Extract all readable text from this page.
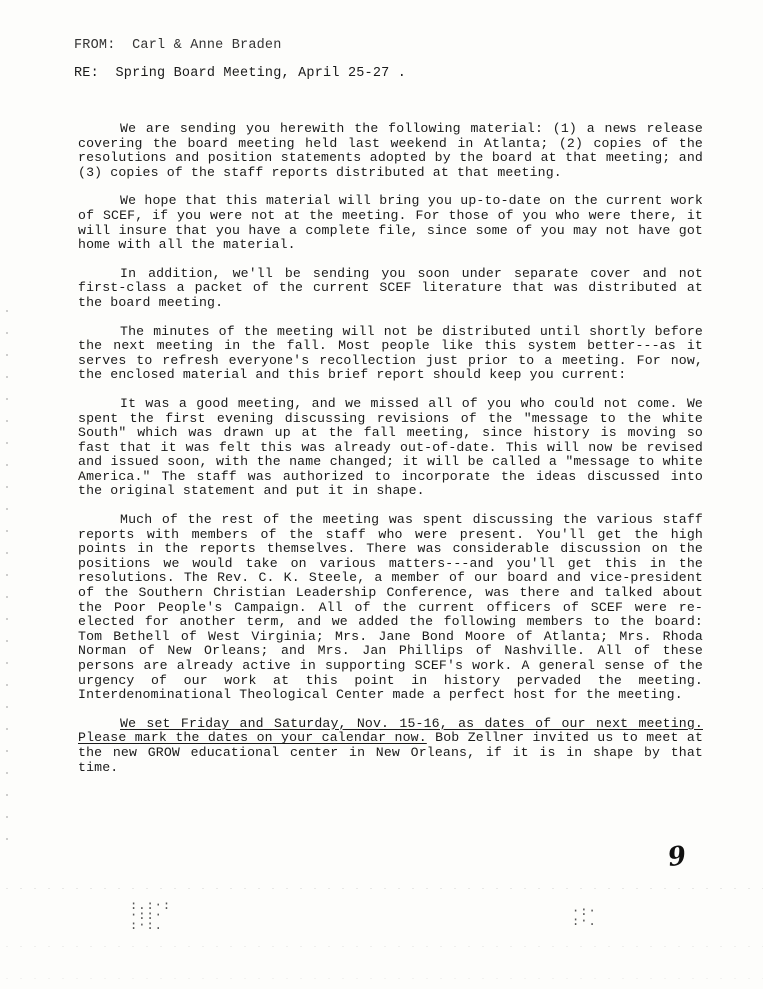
FROM:  Carl & Anne Braden
RE:  Spring Board Meeting, April 25-27 .

We are sending you herewith the following material: (1) a news release covering the board meeting held last weekend in Atlanta; (2) copies of the resolutions and position statements adopted by the board at that meeting; and (3) copies of the staff reports distributed at that meeting.

We hope that this material will bring you up-to-date on the current work of SCEF, if you were not at the meeting. For those of you who were there, it will insure that you have a complete file, since some of you may not have got home with all the material.

In addition, we'll be sending you soon under separate cover and not first-class a packet of the current SCEF literature that was distributed at the board meeting.

The minutes of the meeting will not be distributed until shortly before the next meeting in the fall. Most people like this system better---as it serves to refresh everyone's recollection just prior to a meeting. For now, the enclosed material and this brief report should keep you current:

It was a good meeting, and we missed all of you who could not come. We spent the first evening discussing revisions of the "message to the white South" which was drawn up at the fall meeting, since history is moving so fast that it was felt this was already out-of-date. This will now be revised and issued soon, with the name changed; it will be called a "message to white America." The staff was authorized to incorporate the ideas discussed into the original statement and put it in shape.

Much of the rest of the meeting was spent discussing the various staff reports with members of the staff who were present. You'll get the high points in the reports themselves. There was considerable discussion on the positions we would take on various matters---and you'll get this in the resolutions. The Rev. C. K. Steele, a member of our board and vice-president of the Southern Christian Leadership Conference, was there and talked about the Poor People's Campaign. All of the current officers of SCEF were re-elected for another term, and we added the following members to the board: Tom Bethell of West Virginia; Mrs. Jane Bond Moore of Atlanta; Mrs. Rhoda Norman of New Orleans; and Mrs. Jan Phillips of Nashville. All of these persons are already active in supporting SCEF's work. A general sense of the urgency of our work at this point in history pervaded the meeting. Interdenominational Theological Center made a perfect host for the meeting.

We set Friday and Saturday, Nov. 15-16, as dates of our next meeting. Please mark the dates on your calendar now. Bob Zellner invited us to meet at the new GROW educational center in New Orleans, if it is in shape by that time.

9
:.:·:
·::·
:·:.
·:·
:·.
